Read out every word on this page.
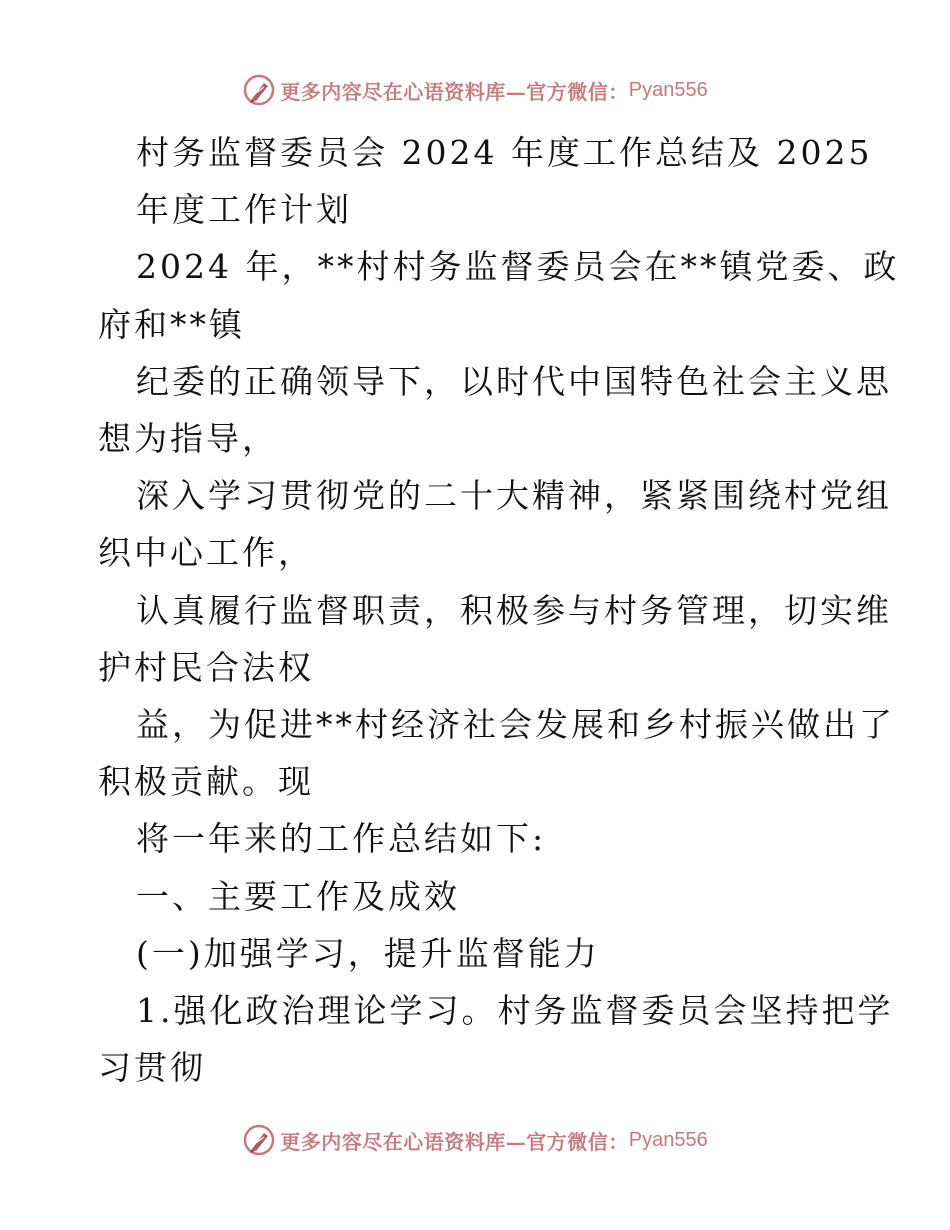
更多内容尽在心语资料库—官方微信： Pyan556
村务监督委员会 2024 年度工作总结及 2025
年度工作计划
2024 年，**村村务监督委员会在**镇党委、政
府和**镇
纪委的正确领导下，以时代中国特色社会主义思
想为指导，
深入学习贯彻党的二十大精神，紧紧围绕村党组
织中心工作，
认真履行监督职责，积极参与村务管理，切实维
护村民合法权
益，为促进**村经济社会发展和乡村振兴做出了
积极贡献。现
将一年来的工作总结如下:
一、主要工作及成效
(一)加强学习，提升监督能力
1.强化政治理论学习。村务监督委员会坚持把学
习贯彻
更多内容尽在心语资料库—官方微信： Pyan556
